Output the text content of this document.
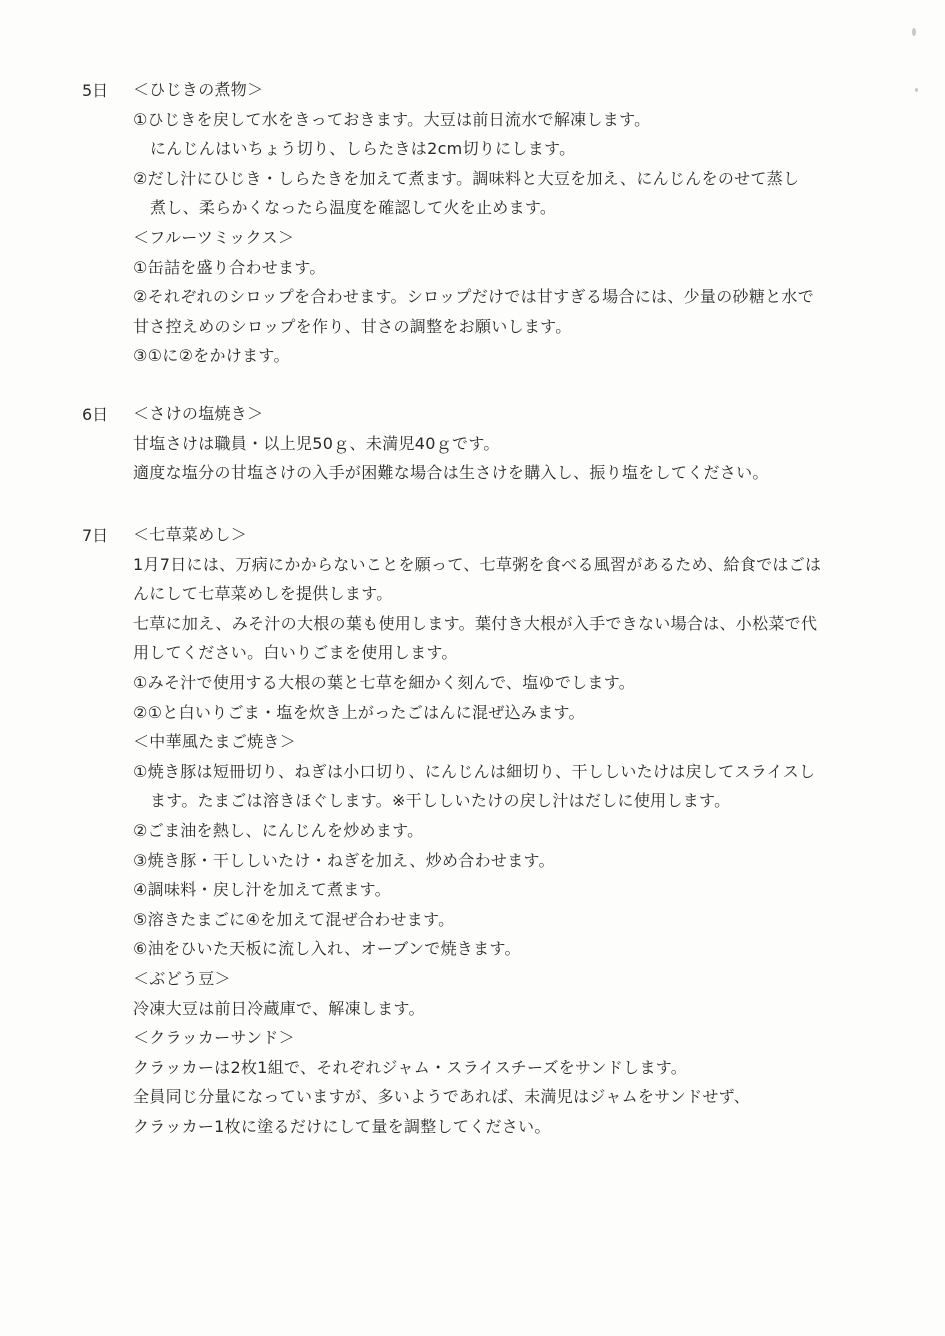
5日 ＜ひじきの煮物＞
①ひじきを戻して水をきっておきます。大豆は前日流水で解凍します。
にんじんはいちょう切り、しらたきは2cm切りにします。
②だし汁にひじき・しらたきを加えて煮ます。調味料と大豆を加え、にんじんをのせて蒸し
煮し、柔らかくなったら温度を確認して火を止めます。
＜フルーツミックス＞
①缶詰を盛り合わせます。
②それぞれのシロップを合わせます。シロップだけでは甘すぎる場合には、少量の砂糖と水で
甘さ控えめのシロップを作り、甘さの調整をお願いします。
③①に②をかけます。
6日 ＜さけの塩焼き＞
甘塩さけは職員・以上児50ｇ、未満児40ｇです。
適度な塩分の甘塩さけの入手が困難な場合は生さけを購入し、振り塩をしてください。
7日 ＜七草菜めし＞
1月7日には、万病にかからないことを願って、七草粥を食べる風習があるため、給食ではごは
んにして七草菜めしを提供します。
七草に加え、みそ汁の大根の葉も使用します。葉付き大根が入手できない場合は、小松菜で代
用してください。白いりごまを使用します。
①みそ汁で使用する大根の葉と七草を細かく刻んで、塩ゆでします。
②①と白いりごま・塩を炊き上がったごはんに混ぜ込みます。
＜中華風たまご焼き＞
①焼き豚は短冊切り、ねぎは小口切り、にんじんは細切り、干ししいたけは戻してスライスし
ます。たまごは溶きほぐします。※干ししいたけの戻し汁はだしに使用します。
②ごま油を熱し、にんじんを炒めます。
③焼き豚・干ししいたけ・ねぎを加え、炒め合わせます。
④調味料・戻し汁を加えて煮ます。
⑤溶きたまごに④を加えて混ぜ合わせます。
⑥油をひいた天板に流し入れ、オーブンで焼きます。
＜ぶどう豆＞
冷凍大豆は前日冷蔵庫で、解凍します。
＜クラッカーサンド＞
クラッカーは2枚1組で、それぞれジャム・スライスチーズをサンドします。
全員同じ分量になっていますが、多いようであれば、未満児はジャムをサンドせず、
クラッカー1枚に塗るだけにして量を調整してください。
